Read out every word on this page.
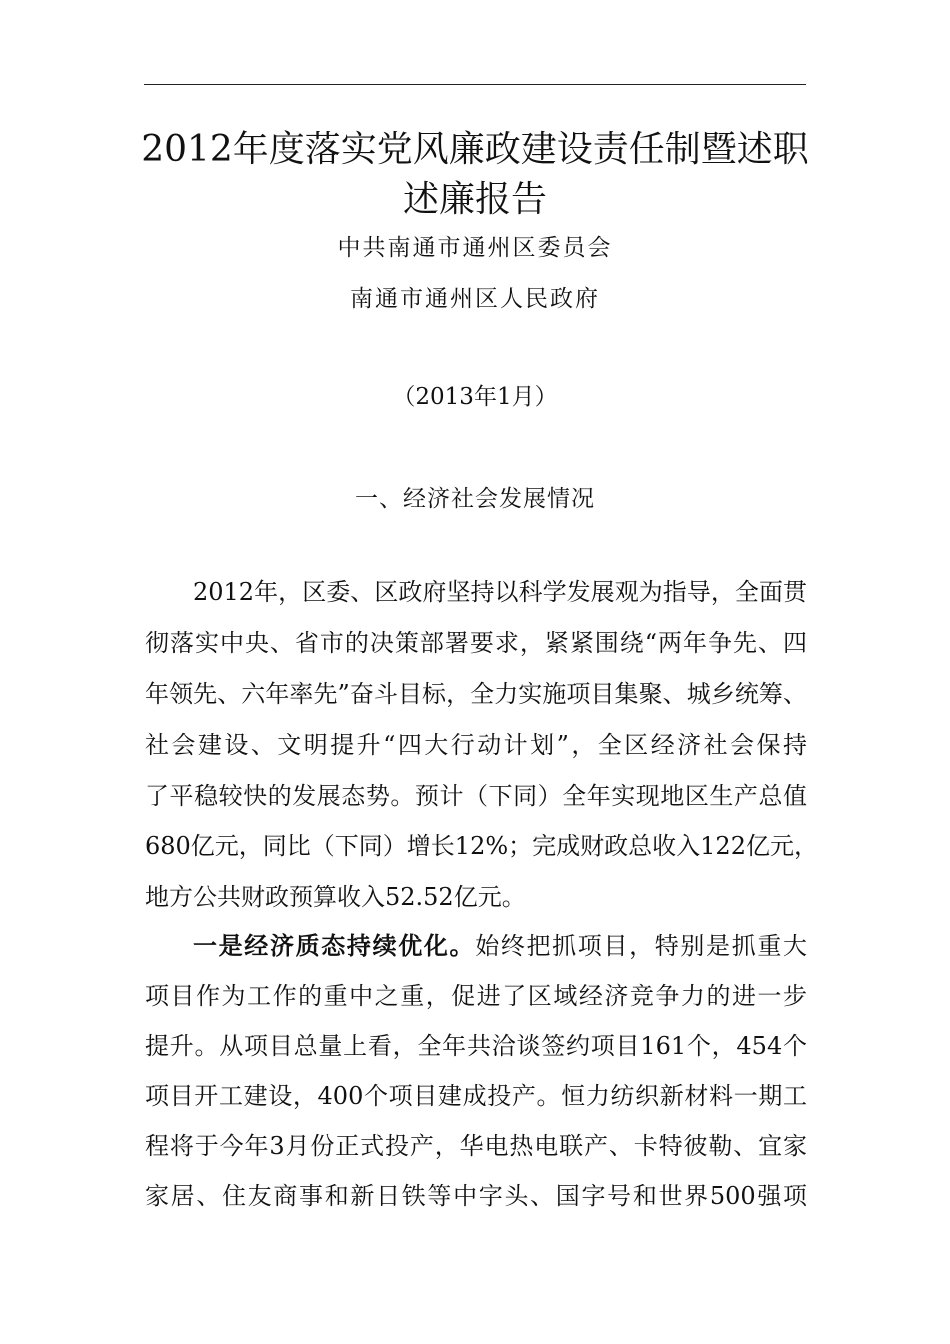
2012年度落实党风廉政建设责任制暨述职
述廉报告
中共南通市通州区委员会
南通市通州区人民政府
（2013年1月）
一、经济社会发展情况
2012年，区委、区政府坚持以科学发展观为指导，全面贯
彻落实中央、省市的决策部署要求，紧紧围绕“两年争先、四
年领先、六年率先”奋斗目标，全力实施项目集聚、城乡统筹、
社会建设、文明提升“四大行动计划”，全区经济社会保持
了平稳较快的发展态势。预计（下同）全年实现地区生产总值
680亿元，同比（下同）增长12%；完成财政总收入122亿元，
地方公共财政预算收入52.52亿元。
一是经济质态持续优化。始终把抓项目，特别是抓重大
项目作为工作的重中之重，促进了区域经济竞争力的进一步
提升。从项目总量上看，全年共洽谈签约项目161个，454个
项目开工建设，400个项目建成投产。恒力纺织新材料一期工
程将于今年3月份正式投产，华电热电联产、卡特彼勒、宜家
家居、住友商事和新日铁等中字头、国字号和世界500强项
